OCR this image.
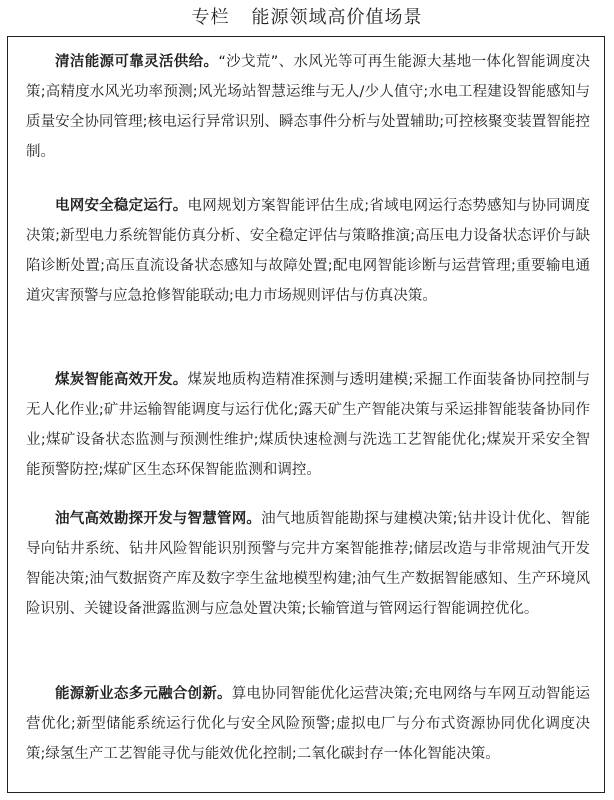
专栏 能源领域高价值场景

清洁能源可靠灵活供给。“沙戈荒”、水风光等可再生能源大基地一体化智能调度决策;高精度水风光功率预测;风光场站智慧运维与无人/少人值守;水电工程建设智能感知与质量安全协同管理;核电运行异常识别、瞬态事件分析与处置辅助;可控核聚变装置智能控制。

电网安全稳定运行。电网规划方案智能评估生成;省域电网运行态势感知与协同调度决策;新型电力系统智能仿真分析、安全稳定评估与策略推演;高压电力设备状态评价与缺陷诊断处置;高压直流设备状态感知与故障处置;配电网智能诊断与运营管理;重要输电通道灾害预警与应急抢修智能联动;电力市场规则评估与仿真决策。

煤炭智能高效开发。煤炭地质构造精准探测与透明建模;采掘工作面装备协同控制与无人化作业;矿井运输智能调度与运行优化;露天矿生产智能决策与采运排智能装备协同作业;煤矿设备状态监测与预测性维护;煤质快速检测与洗选工艺智能优化;煤炭开采安全智能预警防控;煤矿区生态环保智能监测和调控。

油气高效勘探开发与智慧管网。油气地质智能勘探与建模决策;钻井设计优化、智能导向钻井系统、钻井风险智能识别预警与完井方案智能推荐;储层改造与非常规油气开发智能决策;油气数据资产库及数字孪生盆地模型构建;油气生产数据智能感知、生产环境风险识别、关键设备泄露监测与应急处置决策;长输管道与管网运行智能调控优化。

能源新业态多元融合创新。算电协同智能优化运营决策;充电网络与车网互动智能运营优化;新型储能系统运行优化与安全风险预警;虚拟电厂与分布式资源协同优化调度决策;绿氢生产工艺智能寻优与能效优化控制;二氧化碳封存一体化智能决策。
